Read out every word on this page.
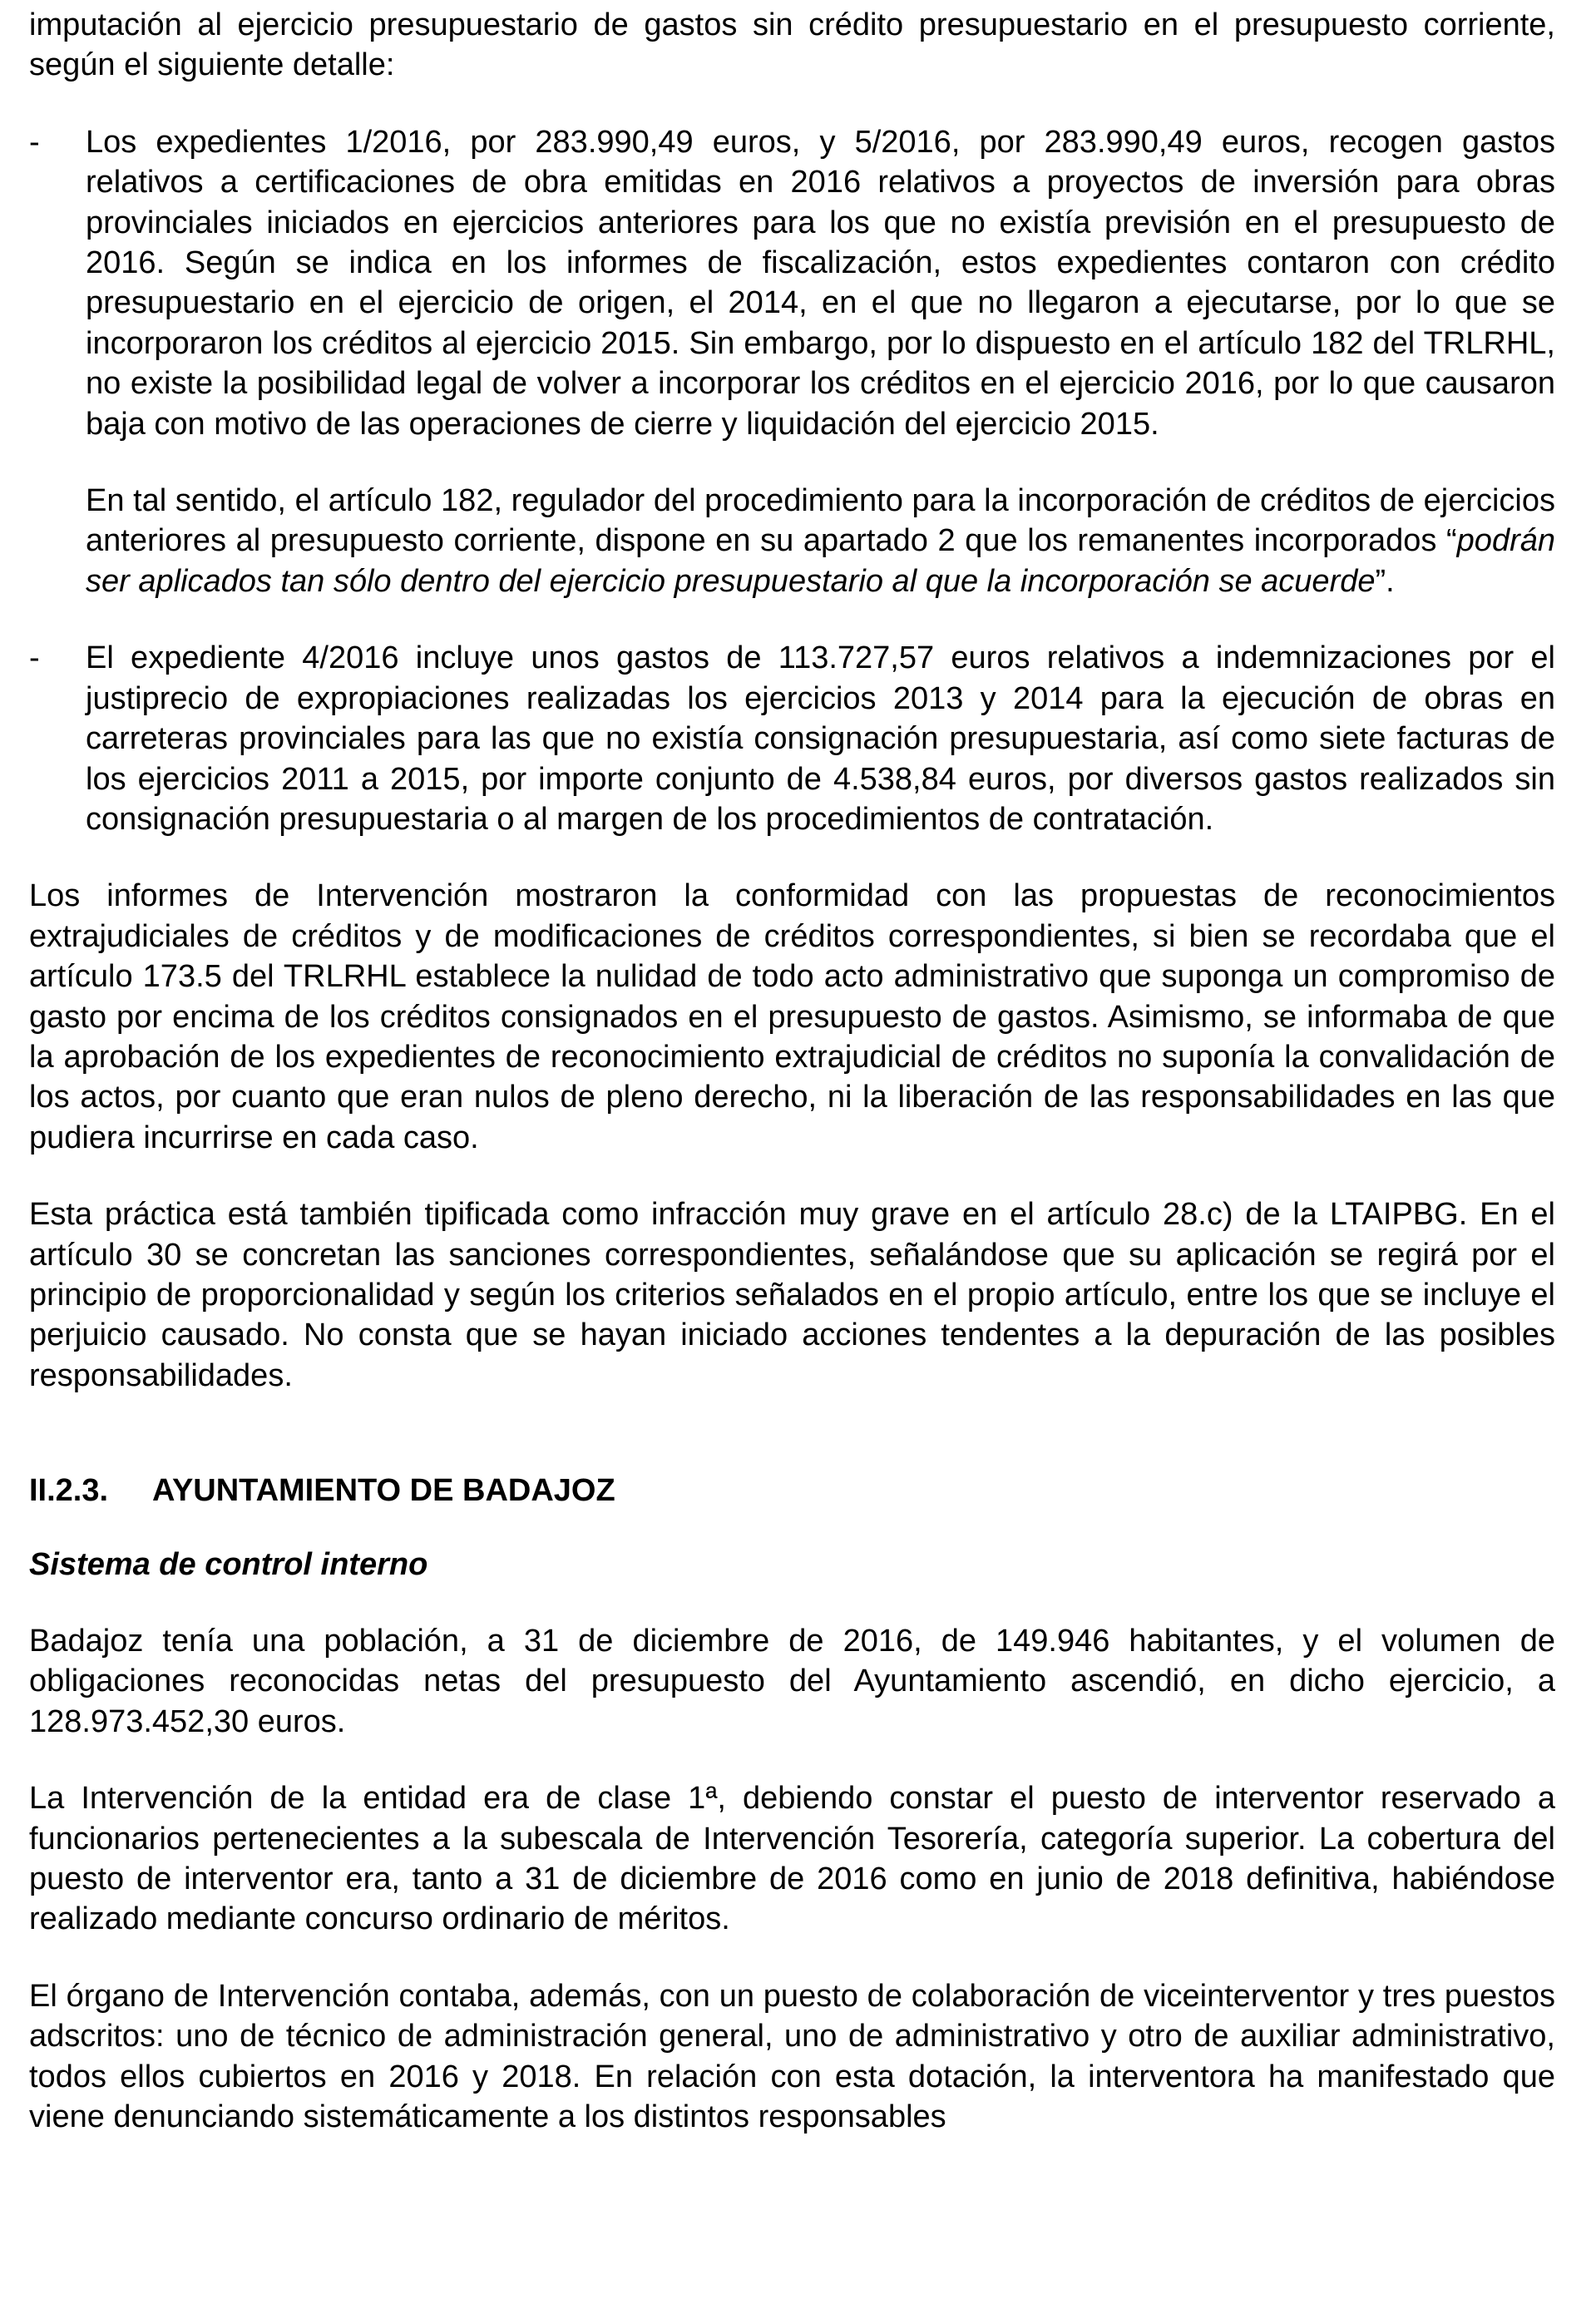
imputación al ejercicio presupuestario de gastos sin crédito presupuestario en el presupuesto corriente, según el siguiente detalle:

- Los expedientes 1/2016, por 283.990,49 euros, y 5/2016, por 283.990,49 euros, recogen gastos relativos a certificaciones de obra emitidas en 2016 relativos a proyectos de inversión para obras provinciales iniciados en ejercicios anteriores para los que no existía previsión en el presupuesto de 2016. Según se indica en los informes de fiscalización, estos expedientes contaron con crédito presupuestario en el ejercicio de origen, el 2014, en el que no llegaron a ejecutarse, por lo que se incorporaron los créditos al ejercicio 2015. Sin embargo, por lo dispuesto en el artículo 182 del TRLRHL, no existe la posibilidad legal de volver a incorporar los créditos en el ejercicio 2016, por lo que causaron baja con motivo de las operaciones de cierre y liquidación del ejercicio 2015.

En tal sentido, el artículo 182, regulador del procedimiento para la incorporación de créditos de ejercicios anteriores al presupuesto corriente, dispone en su apartado 2 que los remanentes incorporados “podrán ser aplicados tan sólo dentro del ejercicio presupuestario al que la incorporación se acuerde”.

- El expediente 4/2016 incluye unos gastos de 113.727,57 euros relativos a indemnizaciones por el justiprecio de expropiaciones realizadas los ejercicios 2013 y 2014 para la ejecución de obras en carreteras provinciales para las que no existía consignación presupuestaria, así como siete facturas de los ejercicios 2011 a 2015, por importe conjunto de 4.538,84 euros, por diversos gastos realizados sin consignación presupuestaria o al margen de los procedimientos de contratación.

Los informes de Intervención mostraron la conformidad con las propuestas de reconocimientos extrajudiciales de créditos y de modificaciones de créditos correspondientes, si bien se recordaba que el artículo 173.5 del TRLRHL establece la nulidad de todo acto administrativo que suponga un compromiso de gasto por encima de los créditos consignados en el presupuesto de gastos. Asimismo, se informaba de que la aprobación de los expedientes de reconocimiento extrajudicial de créditos no suponía la convalidación de los actos, por cuanto que eran nulos de pleno derecho, ni la liberación de las responsabilidades en las que pudiera incurrirse en cada caso.

Esta práctica está también tipificada como infracción muy grave en el artículo 28.c) de la LTAIPBG. En el artículo 30 se concretan las sanciones correspondientes, señalándose que su aplicación se regirá por el principio de proporcionalidad y según los criterios señalados en el propio artículo, entre los que se incluye el perjuicio causado. No consta que se hayan iniciado acciones tendentes a la depuración de las posibles responsabilidades.

II.2.3. AYUNTAMIENTO DE BADAJOZ
Sistema de control interno

Badajoz tenía una población, a 31 de diciembre de 2016, de 149.946 habitantes, y el volumen de obligaciones reconocidas netas del presupuesto del Ayuntamiento ascendió, en dicho ejercicio, a 128.973.452,30 euros.

La Intervención de la entidad era de clase 1ª, debiendo constar el puesto de interventor reservado a funcionarios pertenecientes a la subescala de Intervención Tesorería, categoría superior. La cobertura del puesto de interventor era, tanto a 31 de diciembre de 2016 como en junio de 2018 definitiva, habiéndose realizado mediante concurso ordinario de méritos.

El órgano de Intervención contaba, además, con un puesto de colaboración de viceinterventor y tres puestos adscritos: uno de técnico de administración general, uno de administrativo y otro de auxiliar administrativo, todos ellos cubiertos en 2016 y 2018. En relación con esta dotación, la interventora ha manifestado que viene denunciando sistemáticamente a los distintos responsables
